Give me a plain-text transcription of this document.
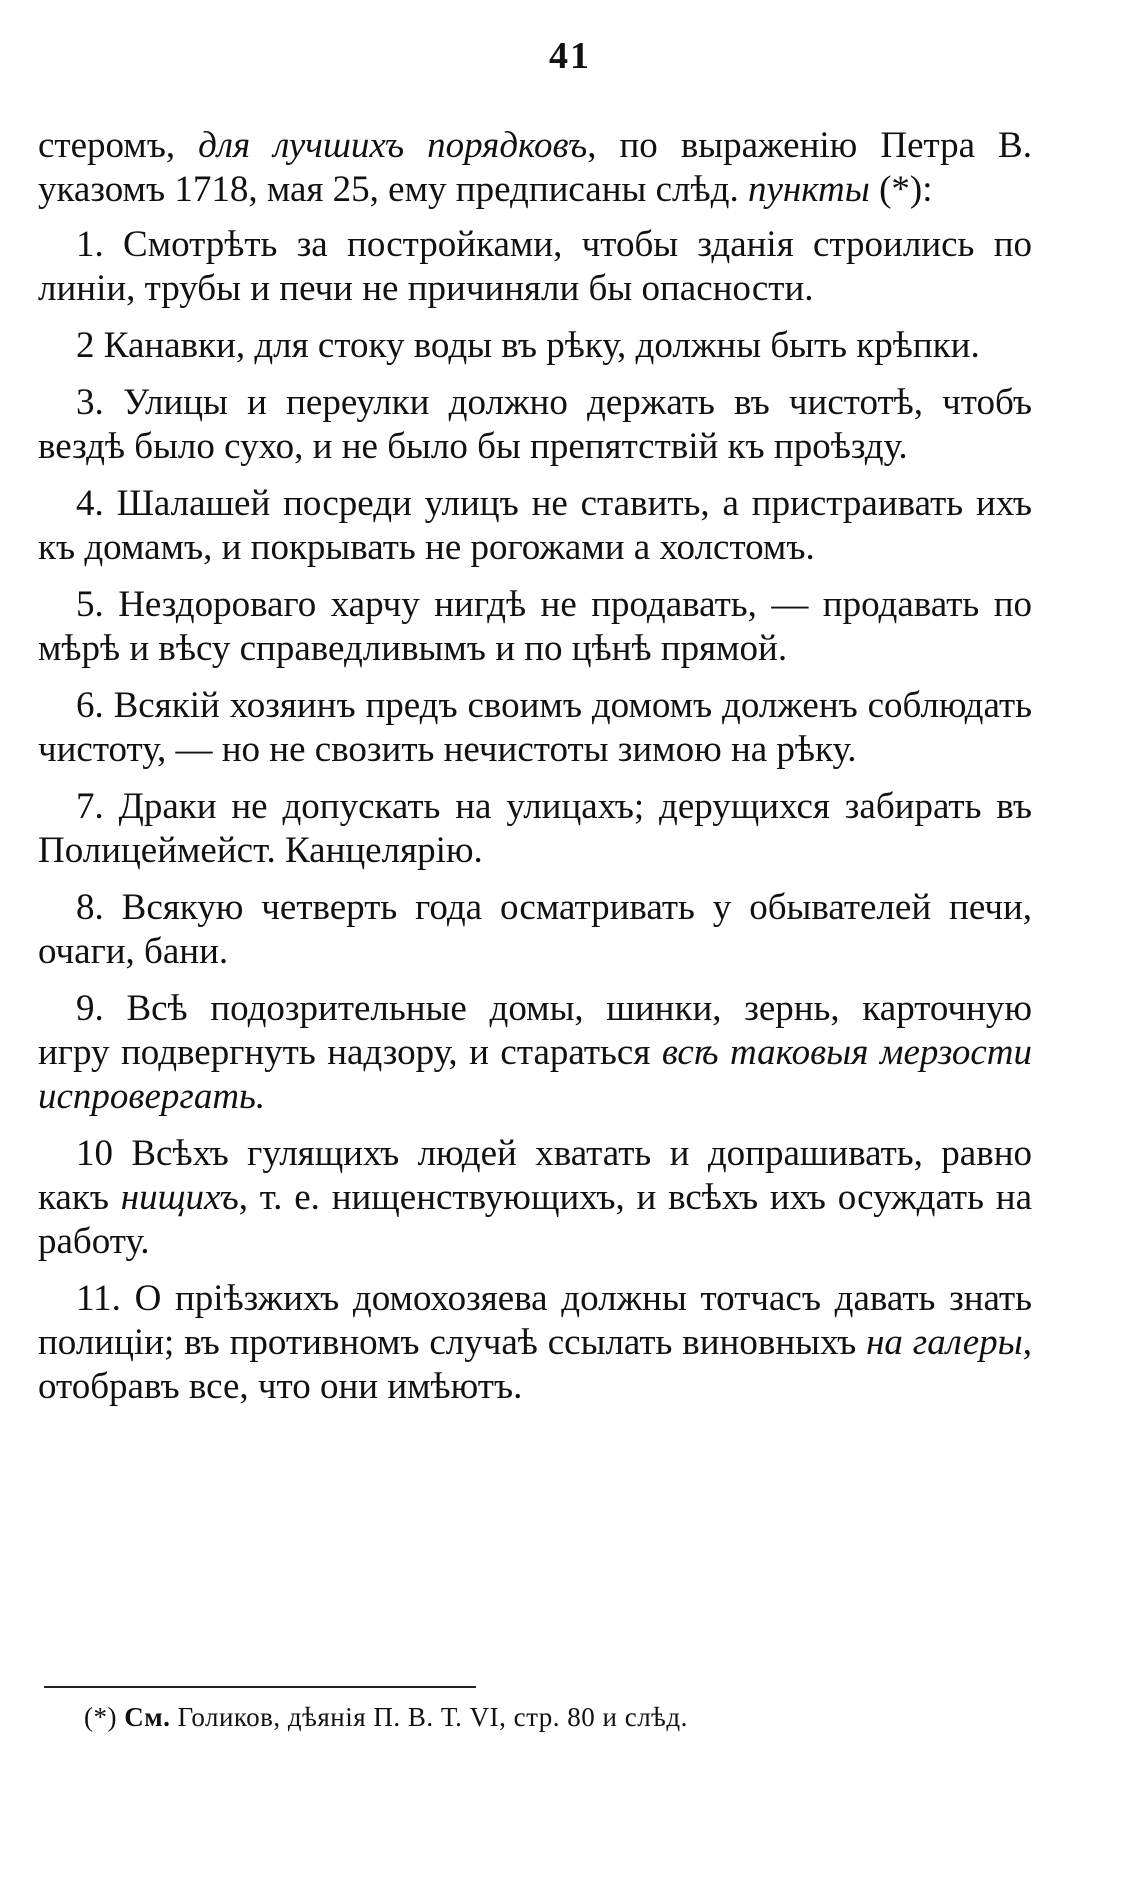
41

стеромъ, для лучшихъ порядковъ, по выраженію Петра В. указомъ 1718, мая 25, ему предписаны слѣд. пункты (*):

1. Смотрѣть за постройками, чтобы зданія строились по линіи, трубы и печи не причиняли бы опасности.

2 Канавки, для стоку воды въ рѣку, должны быть крѣпки.

3. Улицы и переулки должно держать въ чистотѣ, чтобъ вездѣ было сухо, и не было бы препятствій къ проѣзду.

4. Шалашей посреди улицъ не ставить, а пристраивать ихъ къ домамъ, и покрывать не рогожами а холстомъ.

5. Нездороваго харчу нигдѣ не продавать, — продавать по мѣрѣ и вѣсу справедливымъ и по цѣнѣ прямой.

6. Всякій хозяинъ предъ своимъ домомъ долженъ соблюдать чистоту, — но не свозить нечистоты зимою на рѣку.

7. Драки не допускать на улицахъ; дерущихся забирать въ Полицеймейст. Канцелярію.

8. Всякую четверть года осматривать у обывателей печи, очаги, бани.

9. Всѣ подозрительные домы, шинки, зернь, карточную игру подвергнуть надзору, и стараться всѣ таковыя мерзости испровергать.

10 Всѣхъ гулящихъ людей хватать и допрашивать, равно какъ нищихъ, т. е. нищенствующихъ, и всѣхъ ихъ осуждать на работу.

11. О пріѣзжихъ домохозяева должны тотчасъ давать знать полиціи; въ противномъ случаѣ ссылать виновныхъ на галеры, отобравъ все, что они имѣютъ.

(*) См. Голиков, дѣянія П. В. Т. VI, стр. 80 и слѣд.
